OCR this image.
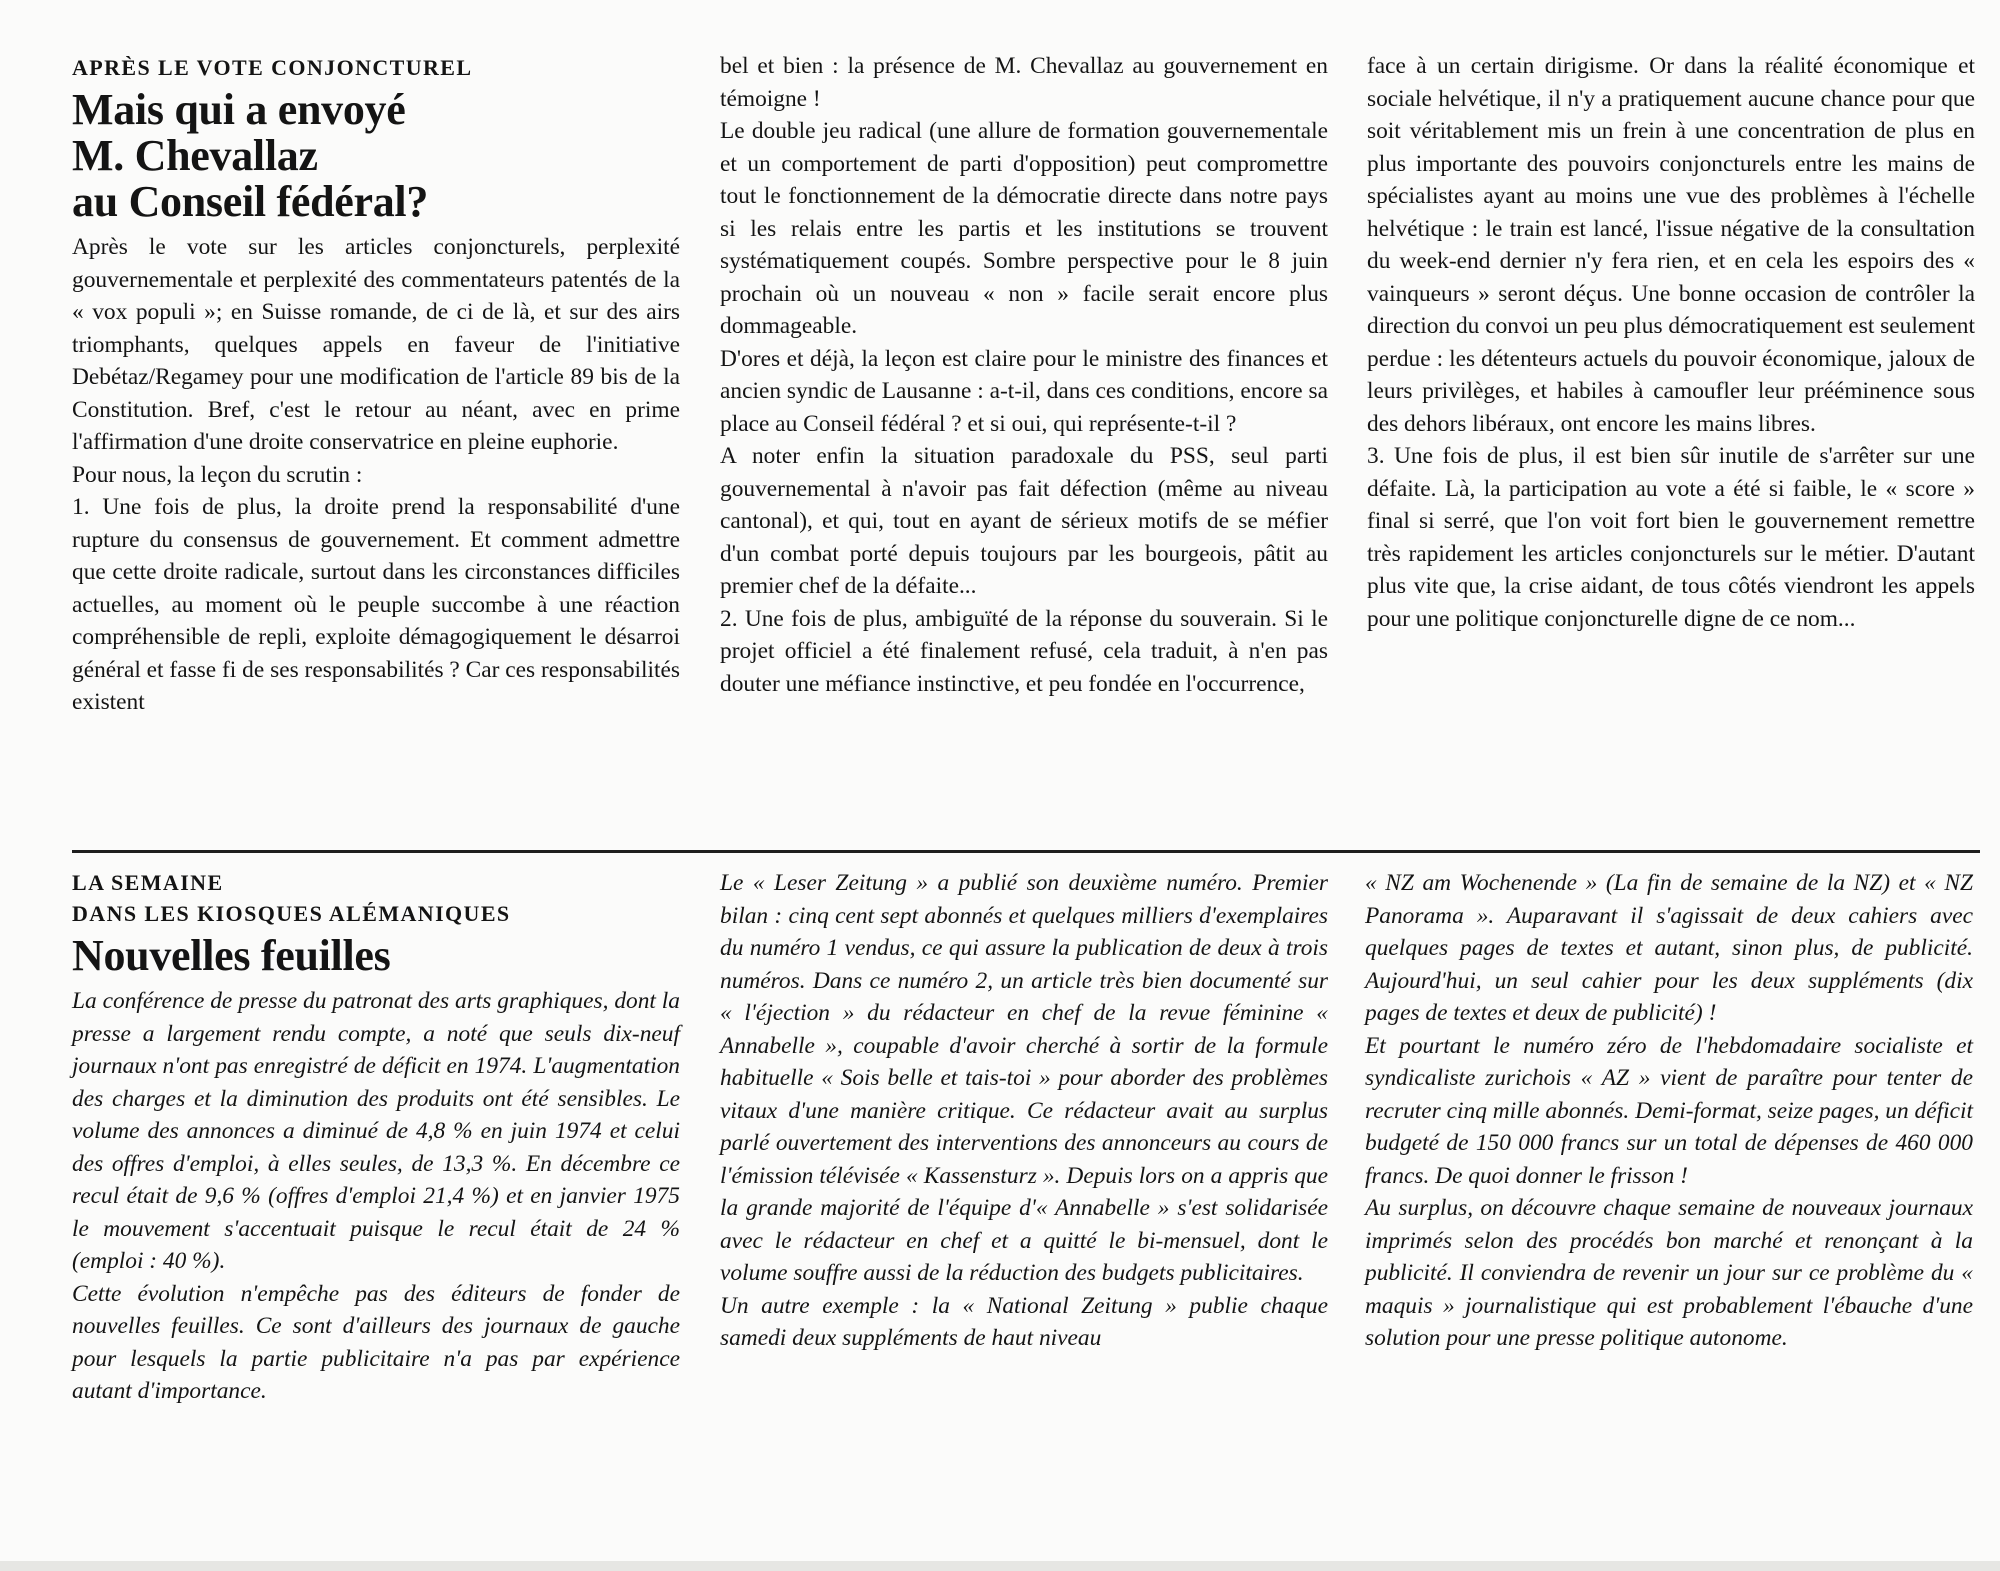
APRÈS LE VOTE CONJONCTUREL
Mais qui a envoyé
M. Chevallaz
au Conseil fédéral?

Après le vote sur les articles conjoncturels, perplexité gouvernementale et perplexité des commentateurs patentés de la « vox populi »; en Suisse romande, de ci de là, et sur des airs triomphants, quelques appels en faveur de l'initiative Debétaz/Regamey pour une modification de l'article 89 bis de la Constitution. Bref, c'est le retour au néant, avec en prime l'affirmation d'une droite conservatrice en pleine euphorie.

Pour nous, la leçon du scrutin :

1. Une fois de plus, la droite prend la responsabilité d'une rupture du consensus de gouvernement. Et comment admettre que cette droite radicale, surtout dans les circonstances difficiles actuelles, au moment où le peuple succombe à une réaction compréhensible de repli, exploite démagogiquement le désarroi général et fasse fi de ses responsabilités ? Car ces responsabilités existent

bel et bien : la présence de M. Chevallaz au gouvernement en témoigne !

Le double jeu radical (une allure de formation gouvernementale et un comportement de parti d'opposition) peut compromettre tout le fonctionnement de la démocratie directe dans notre pays si les relais entre les partis et les institutions se trouvent systématiquement coupés. Sombre perspective pour le 8 juin prochain où un nouveau « non » facile serait encore plus dommageable.

D'ores et déjà, la leçon est claire pour le ministre des finances et ancien syndic de Lausanne : a-t-il, dans ces conditions, encore sa place au Conseil fédéral ? et si oui, qui représente-t-il ?

A noter enfin la situation paradoxale du PSS, seul parti gouvernemental à n'avoir pas fait défection (même au niveau cantonal), et qui, tout en ayant de sérieux motifs de se méfier d'un combat porté depuis toujours par les bourgeois, pâtit au premier chef de la défaite...

2. Une fois de plus, ambiguïté de la réponse du souverain. Si le projet officiel a été finalement refusé, cela traduit, à n'en pas douter une méfiance instinctive, et peu fondée en l'occurrence,

face à un certain dirigisme. Or dans la réalité économique et sociale helvétique, il n'y a pratiquement aucune chance pour que soit véritablement mis un frein à une concentration de plus en plus importante des pouvoirs conjoncturels entre les mains de spécialistes ayant au moins une vue des problèmes à l'échelle helvétique : le train est lancé, l'issue négative de la consultation du week-end dernier n'y fera rien, et en cela les espoirs des « vainqueurs » seront déçus. Une bonne occasion de contrôler la direction du convoi un peu plus démocratiquement est seulement perdue : les détenteurs actuels du pouvoir économique, jaloux de leurs privilèges, et habiles à camoufler leur prééminence sous des dehors libéraux, ont encore les mains libres.

3. Une fois de plus, il est bien sûr inutile de s'arrêter sur une défaite. Là, la participation au vote a été si faible, le « score » final si serré, que l'on voit fort bien le gouvernement remettre très rapidement les articles conjoncturels sur le métier. D'autant plus vite que, la crise aidant, de tous côtés viendront les appels pour une politique conjoncturelle digne de ce nom...

LA SEMAINE
DANS LES KIOSQUES ALÉMANIQUES
Nouvelles feuilles

La conférence de presse du patronat des arts graphiques, dont la presse a largement rendu compte, a noté que seuls dix-neuf journaux n'ont pas enregistré de déficit en 1974. L'augmentation des charges et la diminution des produits ont été sensibles. Le volume des annonces a diminué de 4,8 % en juin 1974 et celui des offres d'emploi, à elles seules, de 13,3 %. En décembre ce recul était de 9,6 % (offres d'emploi 21,4 %) et en janvier 1975 le mouvement s'accentuait puisque le recul était de 24 % (emploi : 40 %).

Cette évolution n'empêche pas des éditeurs de fonder de nouvelles feuilles. Ce sont d'ailleurs des journaux de gauche pour lesquels la partie publicitaire n'a pas par expérience autant d'importance.

Le « Leser Zeitung » a publié son deuxième numéro. Premier bilan : cinq cent sept abonnés et quelques milliers d'exemplaires du numéro 1 vendus, ce qui assure la publication de deux à trois numéros. Dans ce numéro 2, un article très bien documenté sur « l'éjection » du rédacteur en chef de la revue féminine « Annabelle », coupable d'avoir cherché à sortir de la formule habituelle « Sois belle et tais-toi » pour aborder des problèmes vitaux d'une manière critique. Ce rédacteur avait au surplus parlé ouvertement des interventions des annonceurs au cours de l'émission télévisée « Kassensturz ». Depuis lors on a appris que la grande majorité de l'équipe d'« Annabelle » s'est solidarisée avec le rédacteur en chef et a quitté le bi-mensuel, dont le volume souffre aussi de la réduction des budgets publicitaires.

Un autre exemple : la « National Zeitung » publie chaque samedi deux suppléments de haut niveau

« NZ am Wochenende » (La fin de semaine de la NZ) et « NZ Panorama ». Auparavant il s'agissait de deux cahiers avec quelques pages de textes et autant, sinon plus, de publicité. Aujourd'hui, un seul cahier pour les deux suppléments (dix pages de textes et deux de publicité) !

Et pourtant le numéro zéro de l'hebdomadaire socialiste et syndicaliste zurichois « AZ » vient de paraître pour tenter de recruter cinq mille abonnés. Demi-format, seize pages, un déficit budgeté de 150 000 francs sur un total de dépenses de 460 000 francs. De quoi donner le frisson !

Au surplus, on découvre chaque semaine de nouveaux journaux imprimés selon des procédés bon marché et renonçant à la publicité. Il conviendra de revenir un jour sur ce problème du « maquis » journalistique qui est probablement l'ébauche d'une solution pour une presse politique autonome.
